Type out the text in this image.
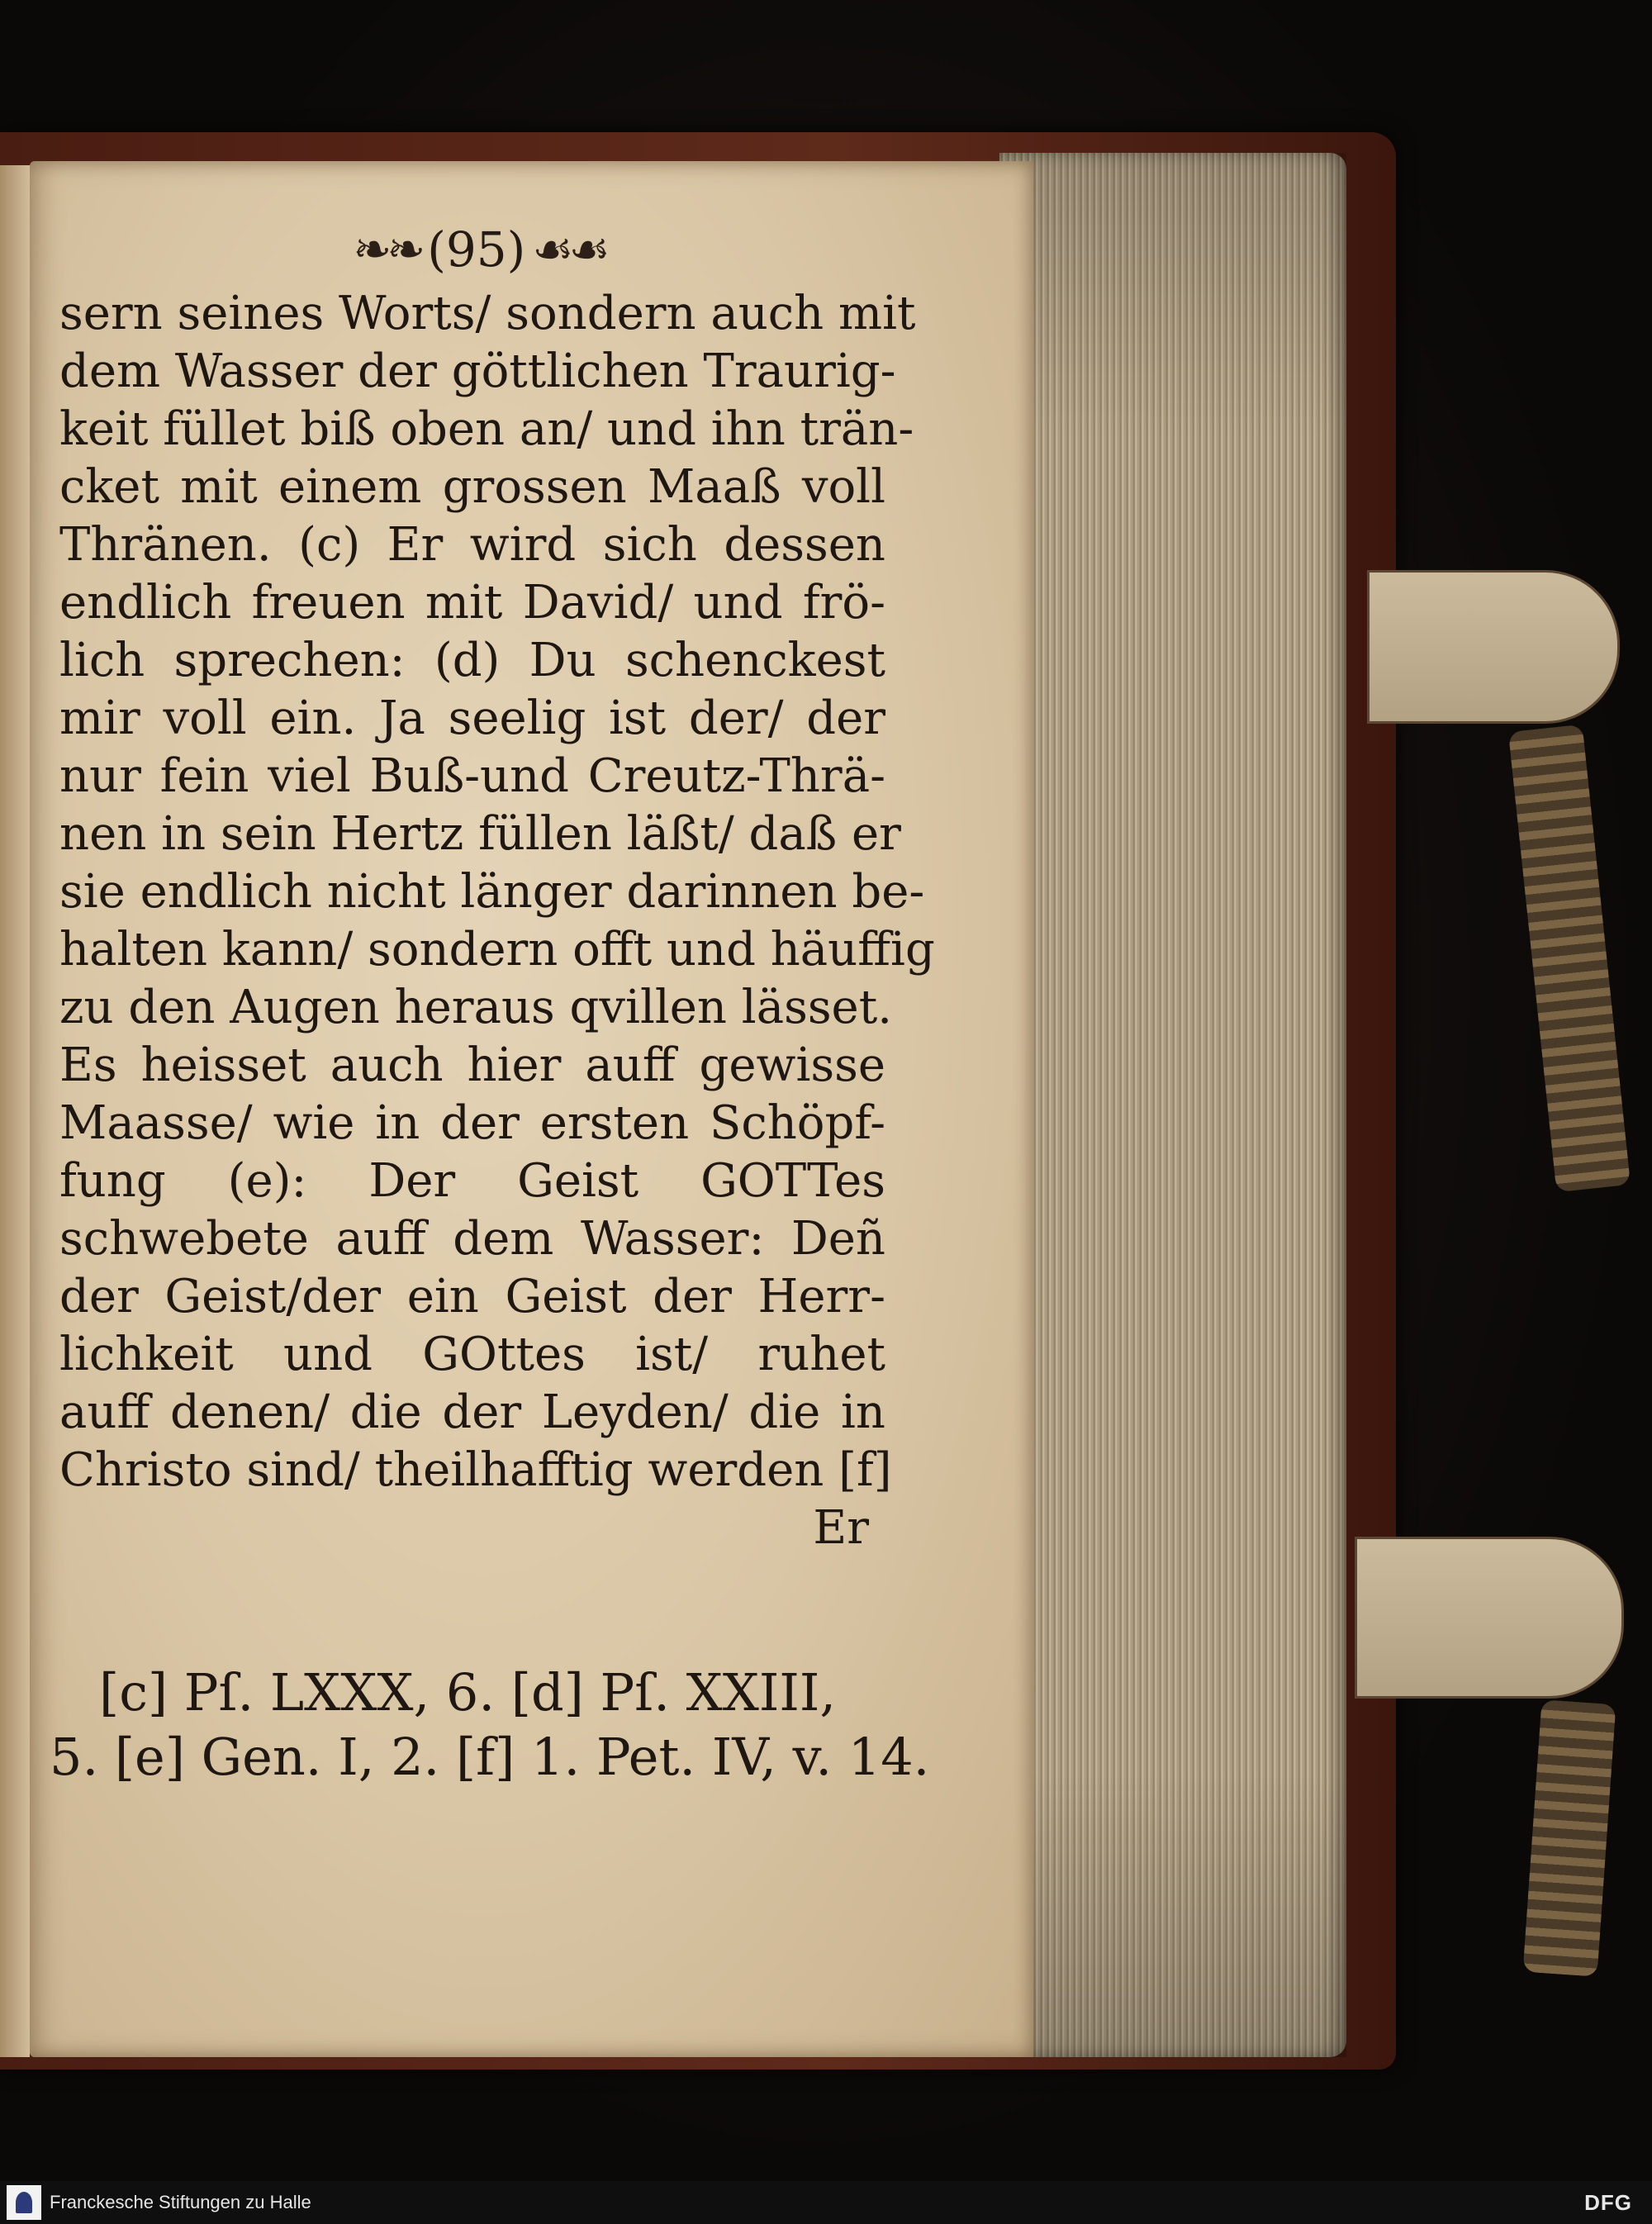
❧❧ (95) ☙☙
sern seines Worts/ sondern auch mit
dem Wasser der göttlichen Traurig-
keit füllet biß oben an/ und ihn trän-
cket mit einem grossen Maaß voll
Thränen. (c) Er wird sich dessen
endlich freuen mit David/ und frö-
lich sprechen: (d) Du schenckest
mir voll ein. Ja seelig ist der/ der
nur fein viel Buß-und Creutz-Thrä-
nen in sein Hertz füllen läßt/ daß er
sie endlich nicht länger darinnen be-
halten kann/ sondern offt und häuffig
zu den Augen heraus qvillen lässet.
Es heisset auch hier auff gewisse
Maasse/ wie in der ersten Schöpf-
fung (e): Der Geist GOTTes
schwebete auff dem Wasser: Deñ
der Geist/der ein Geist der Herr-
lichkeit und GOttes ist/ ruhet
auff denen/ die der Leyden/ die in
Christo sind/ theilhafftig werden [f]
Er
[c] Pſ. LXXX, 6. [d] Pſ. XXIII,
5. [e] Gen. I, 2. [f] 1. Pet. IV, v. 14.
Franckesche Stiftungen zu Halle	DFG
